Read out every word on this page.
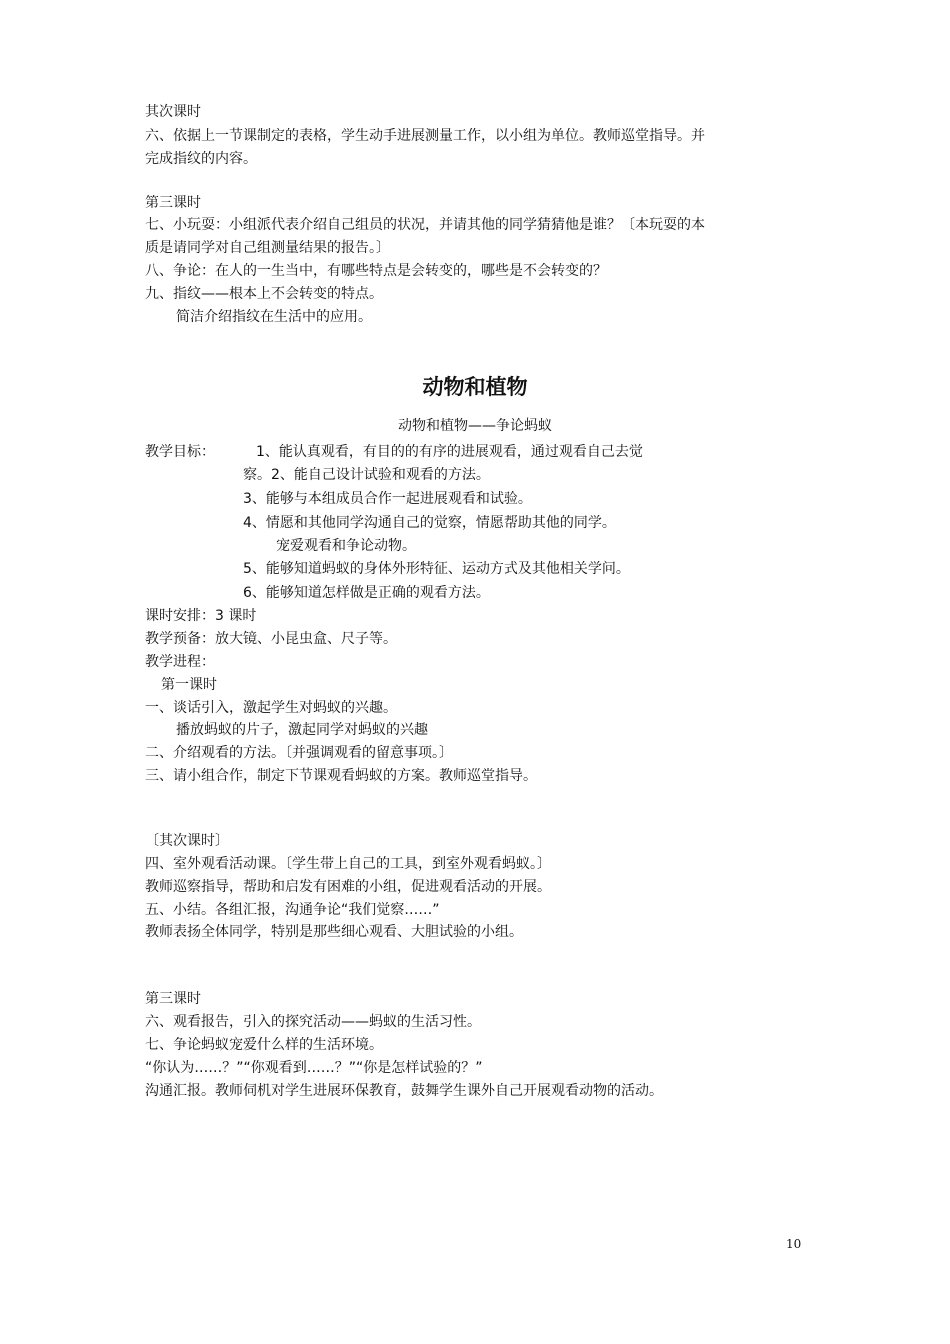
其次课时
六、依据上一节课制定的表格，学生动手进展测量工作，以小组为单位。教师巡堂指导。并
完成指纹的内容。
第三课时
七、小玩耍：小组派代表介绍自己组员的状况，并请其他的同学猜猜他是谁？〔本玩耍的本
质是请同学对自己组测量结果的报告。〕
八、争论：在人的一生当中，有哪些特点是会转变的，哪些是不会转变的？
九、指纹——根本上不会转变的特点。
简洁介绍指纹在生活中的应用。
动物和植物
动物和植物——争论蚂蚁
教学目标：	1、能认真观看，有目的的有序的进展观看，通过观看自己去觉
察。2、能自己设计试验和观看的方法。
3、能够与本组成员合作一起进展观看和试验。
4、情愿和其他同学沟通自己的觉察，情愿帮助其他的同学。
宠爱观看和争论动物。
5、能够知道蚂蚁的身体外形特征、运动方式及其他相关学问。
6、能够知道怎样做是正确的观看方法。
课时安排：3 课时
教学预备：放大镜、小昆虫盒、尺子等。
教学进程：
第一课时
一、谈话引入，激起学生对蚂蚁的兴趣。
播放蚂蚁的片子，激起同学对蚂蚁的兴趣
二、介绍观看的方法。〔并强调观看的留意事项。〕
三、请小组合作，制定下节课观看蚂蚁的方案。教师巡堂指导。
〔其次课时〕
四、室外观看活动课。〔学生带上自己的工具，到室外观看蚂蚁。〕
教师巡察指导，帮助和启发有困难的小组，促进观看活动的开展。
五、小结。各组汇报，沟通争论“我们觉察……”
教师表扬全体同学，特别是那些细心观看、大胆试验的小组。
第三课时
六、观看报告，引入的探究活动——蚂蚁的生活习性。
七、争论蚂蚁宠爱什么样的生活环境。
“你认为……？”“你观看到……？”“你是怎样试验的？”
沟通汇报。教师伺机对学生进展环保教育，鼓舞学生课外自己开展观看动物的活动。
10
